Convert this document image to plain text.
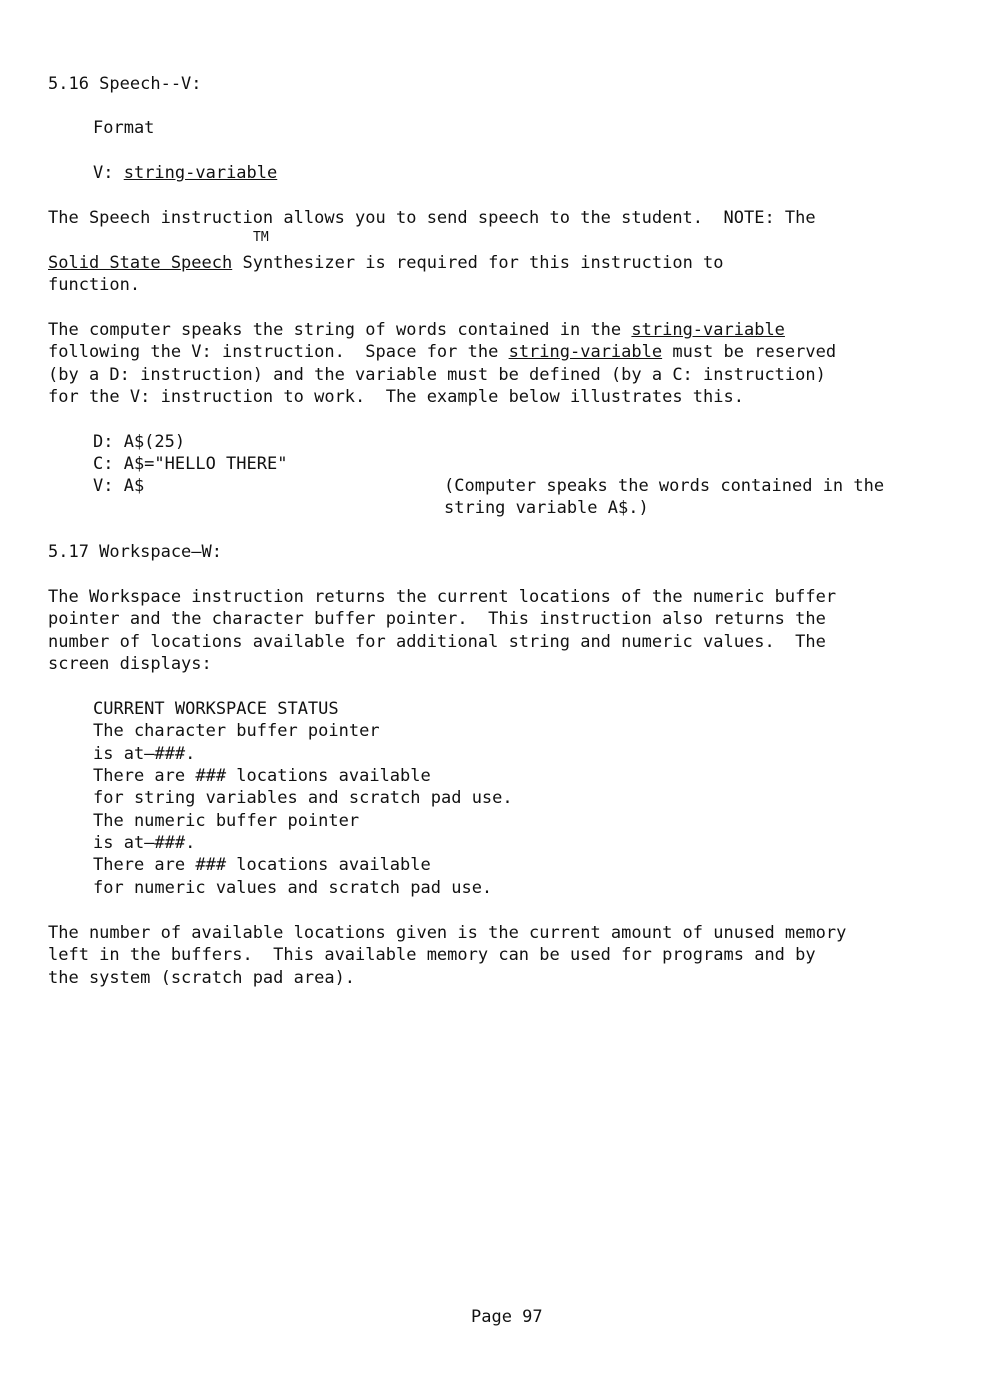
5.16 Speech--V:
Format
V: string-variable
The Speech instruction allows you to send speech to the student.  NOTE: The
TM
Solid State Speech Synthesizer is required for this instruction to
function.
The computer speaks the string of words contained in the string-variable
following the V: instruction.  Space for the string-variable must be reserved
(by a D: instruction) and the variable must be defined (by a C: instruction)
for the V: instruction to work.  The example below illustrates this.
D: A$(25)
C: A$="HELLO THERE"
V: A$	(Computer speaks the words contained in the
string variable A$.)
5.17 Workspace—W:
The Workspace instruction returns the current locations of the numeric buffer
pointer and the character buffer pointer.  This instruction also returns the
number of locations available for additional string and numeric values.  The
screen displays:
CURRENT WORKSPACE STATUS
The character buffer pointer
is at—###.
There are ### locations available
for string variables and scratch pad use.
The numeric buffer pointer
is at—###.
There are ### locations available
for numeric values and scratch pad use.
The number of available locations given is the current amount of unused memory
left in the buffers.  This available memory can be used for programs and by
the system (scratch pad area).
Page 97
